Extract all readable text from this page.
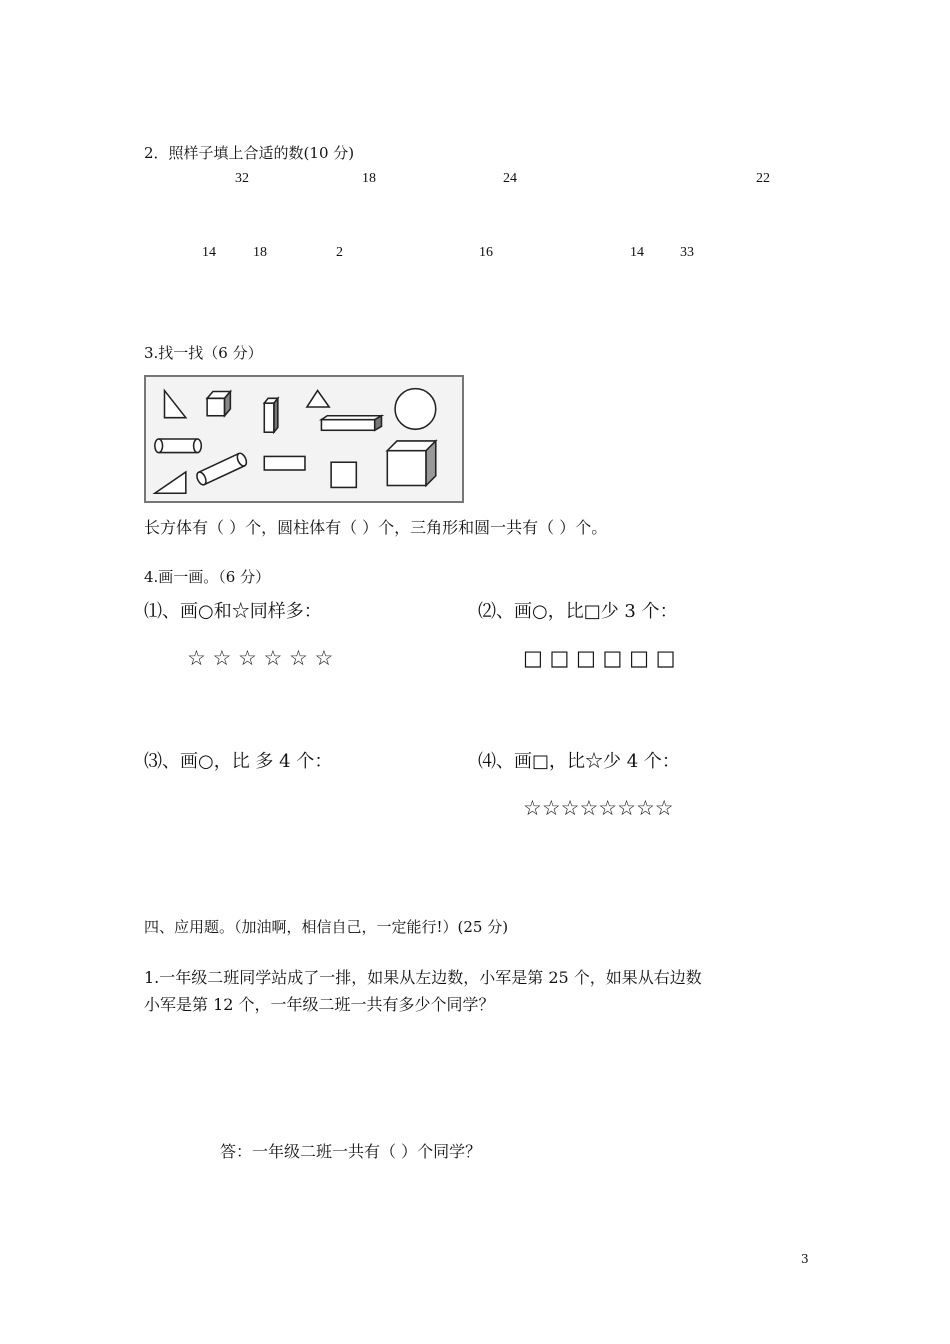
2．照样子填上合适的数(10 分)
32	18	24	22
14	18	2	16	14	33
3.找一找（6 分）
长方体有（ ）个，圆柱体有（ ）个，三角形和圆一共有（ ）个。
4.画一画。（6 分）
⑴、画○和☆同样多：	⑵、画○，比□少 3 个：
☆ ☆ ☆ ☆ ☆ ☆	□ □ □ □ □ □
⑶、画○，比 多 4 个：	⑷、画□，比☆少 4 个：
☆☆☆☆☆☆☆☆
四、应用题。（加油啊，相信自己，一定能行!）(25 分)
1.一年级二班同学站成了一排，如果从左边数，小军是第 25 个，如果从右边数
小军是第 12 个，一年级二班一共有多少个同学？
答：一年级二班一共有（ ）个同学？
3
